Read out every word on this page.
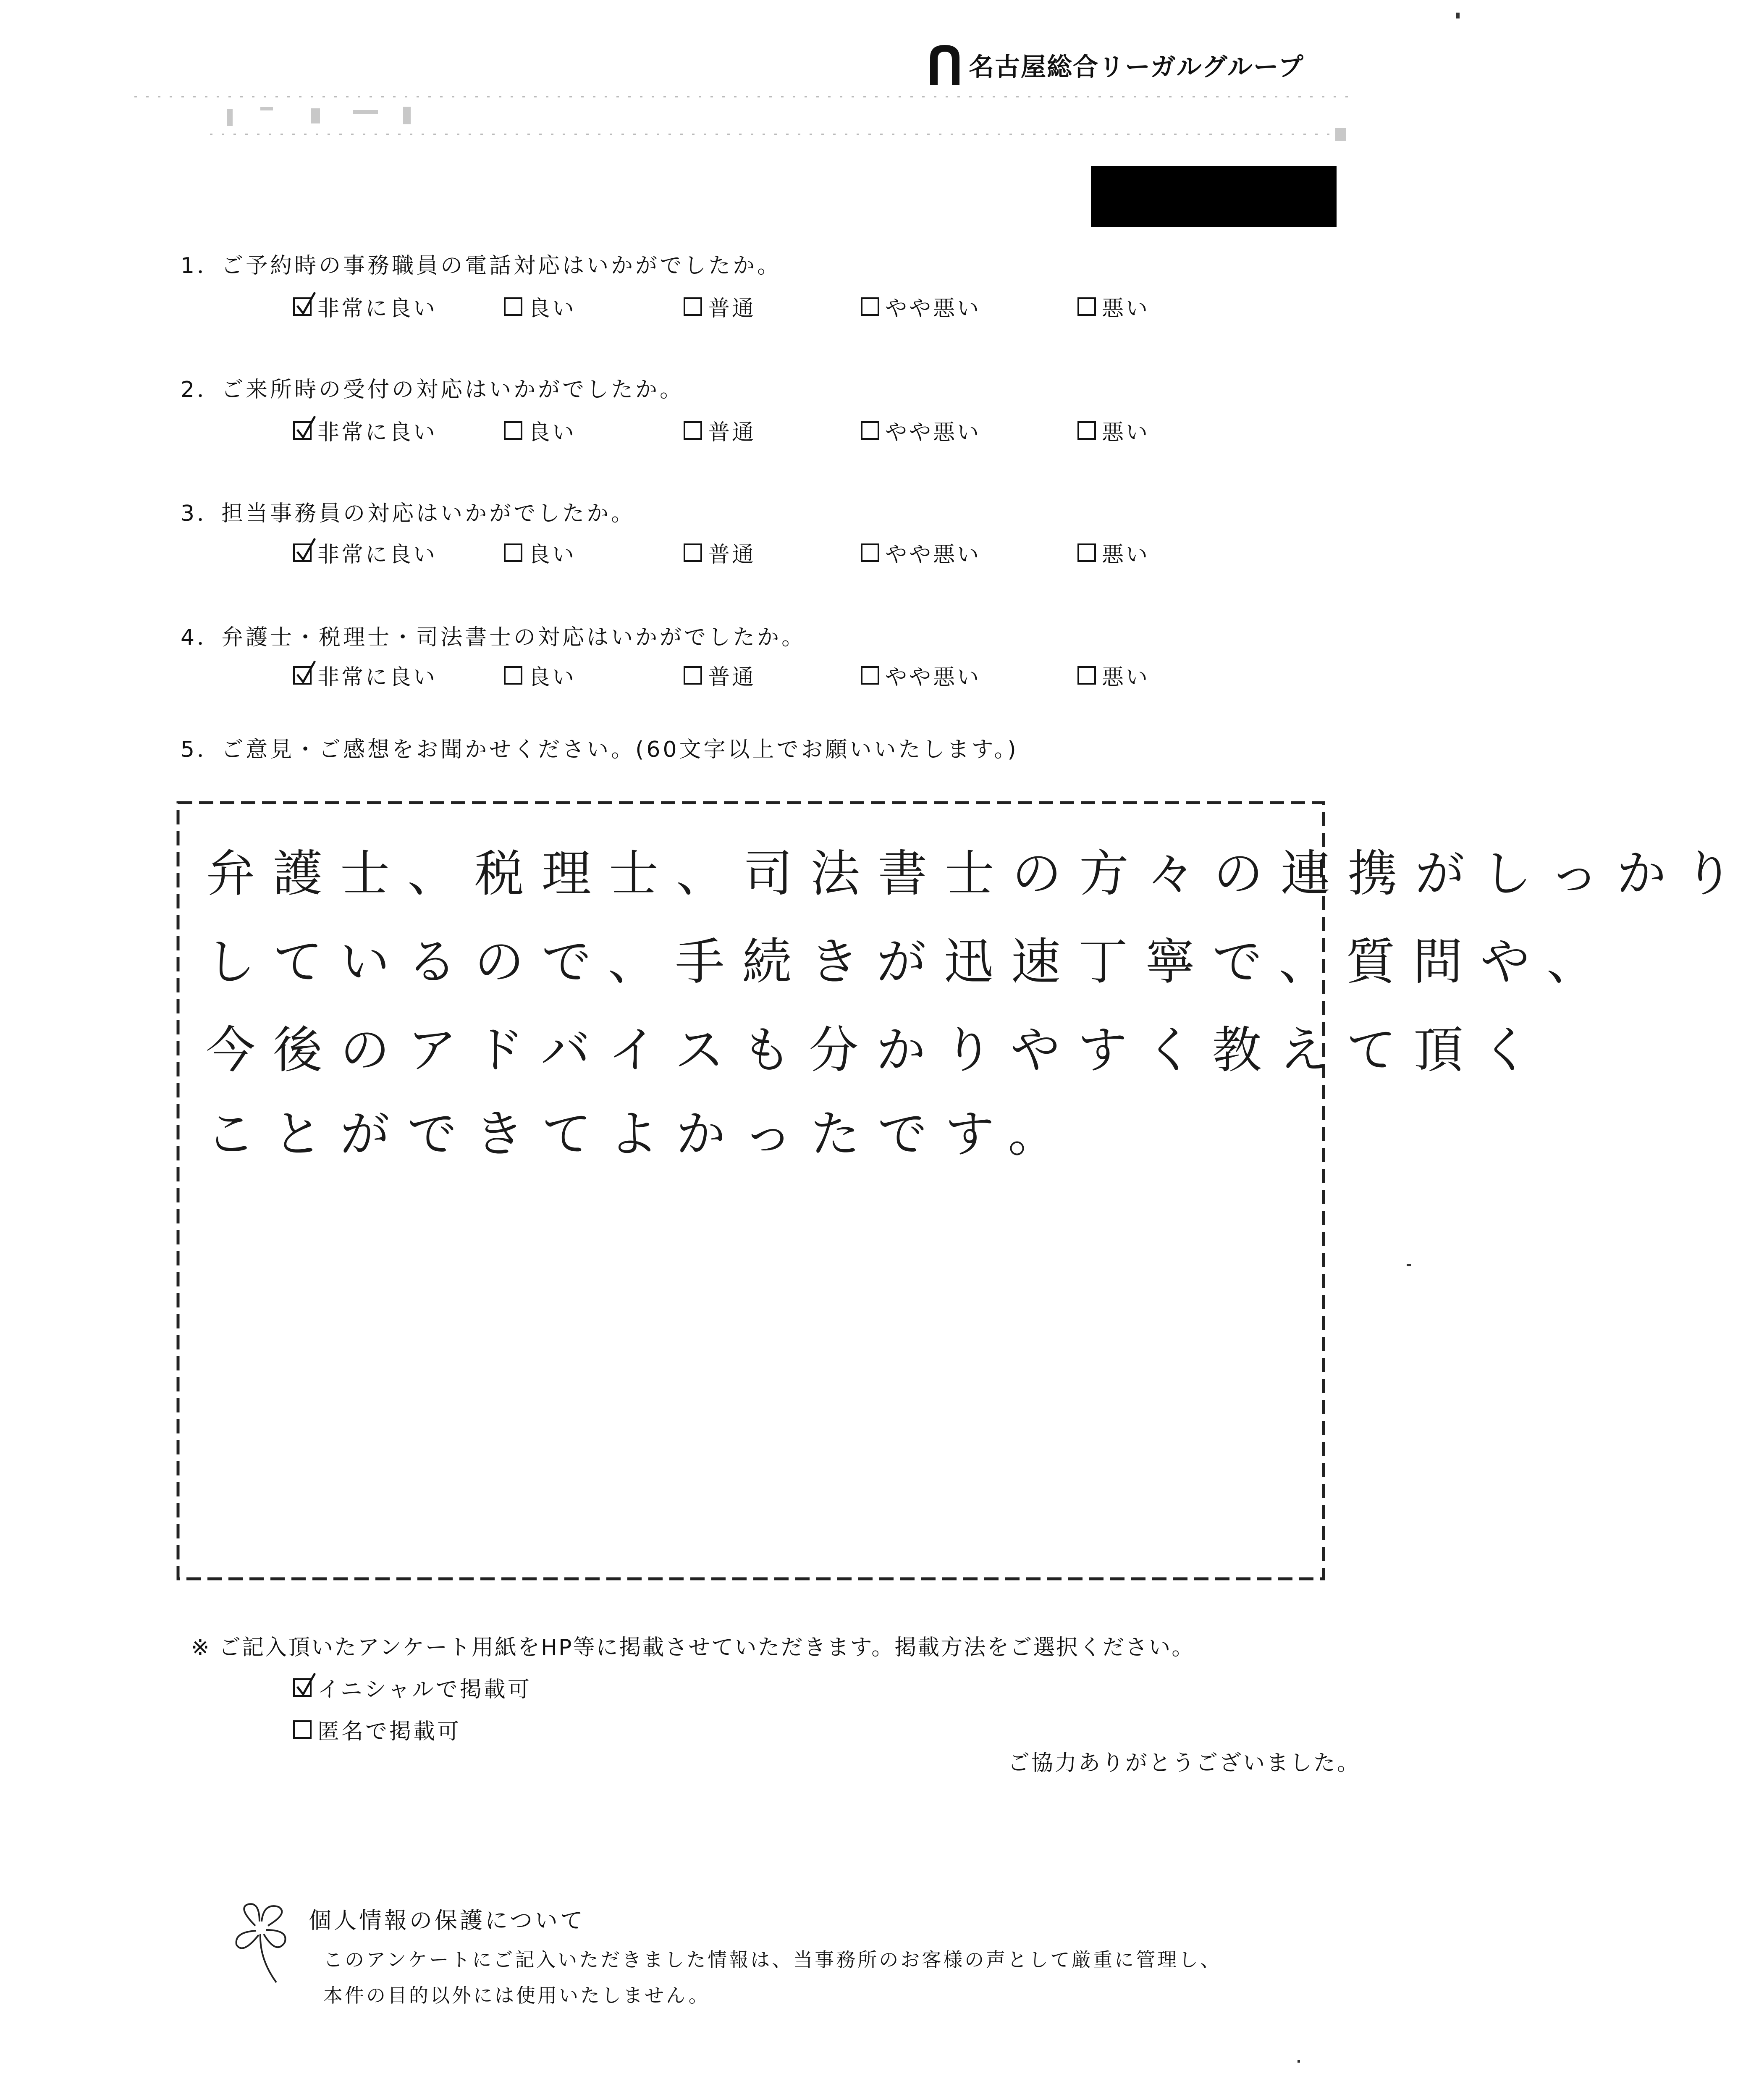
名古屋総合リーガルグループ
1．ご予約時の事務職員の電話対応はいかがでしたか。
非常に良い	良い	普通	やや悪い	悪い
2．ご来所時の受付の対応はいかがでしたか。
非常に良い	良い	普通	やや悪い	悪い
3．担当事務員の対応はいかがでしたか。
非常に良い	良い	普通	やや悪い	悪い
4．弁護士・税理士・司法書士の対応はいかがでしたか。
非常に良い	良い	普通	やや悪い	悪い
5．ご意見・ご感想をお聞かせください。(60文字以上でお願いいたします。)
弁護士、税理士、司法書士の方々の連携がしっかり
しているので、手続きが迅速丁寧で、質問や、
今後のアドバイスも分かりやすく教えて頂く
ことができてよかったです。
※ ご記入頂いたアンケート用紙をHP等に掲載させていただきます。掲載方法をご選択ください。
イニシャルで掲載可
匿名で掲載可
ご協力ありがとうございました。
個人情報の保護について
このアンケートにご記入いただきました情報は、当事務所のお客様の声として厳重に管理し、
本件の目的以外には使用いたしません。
